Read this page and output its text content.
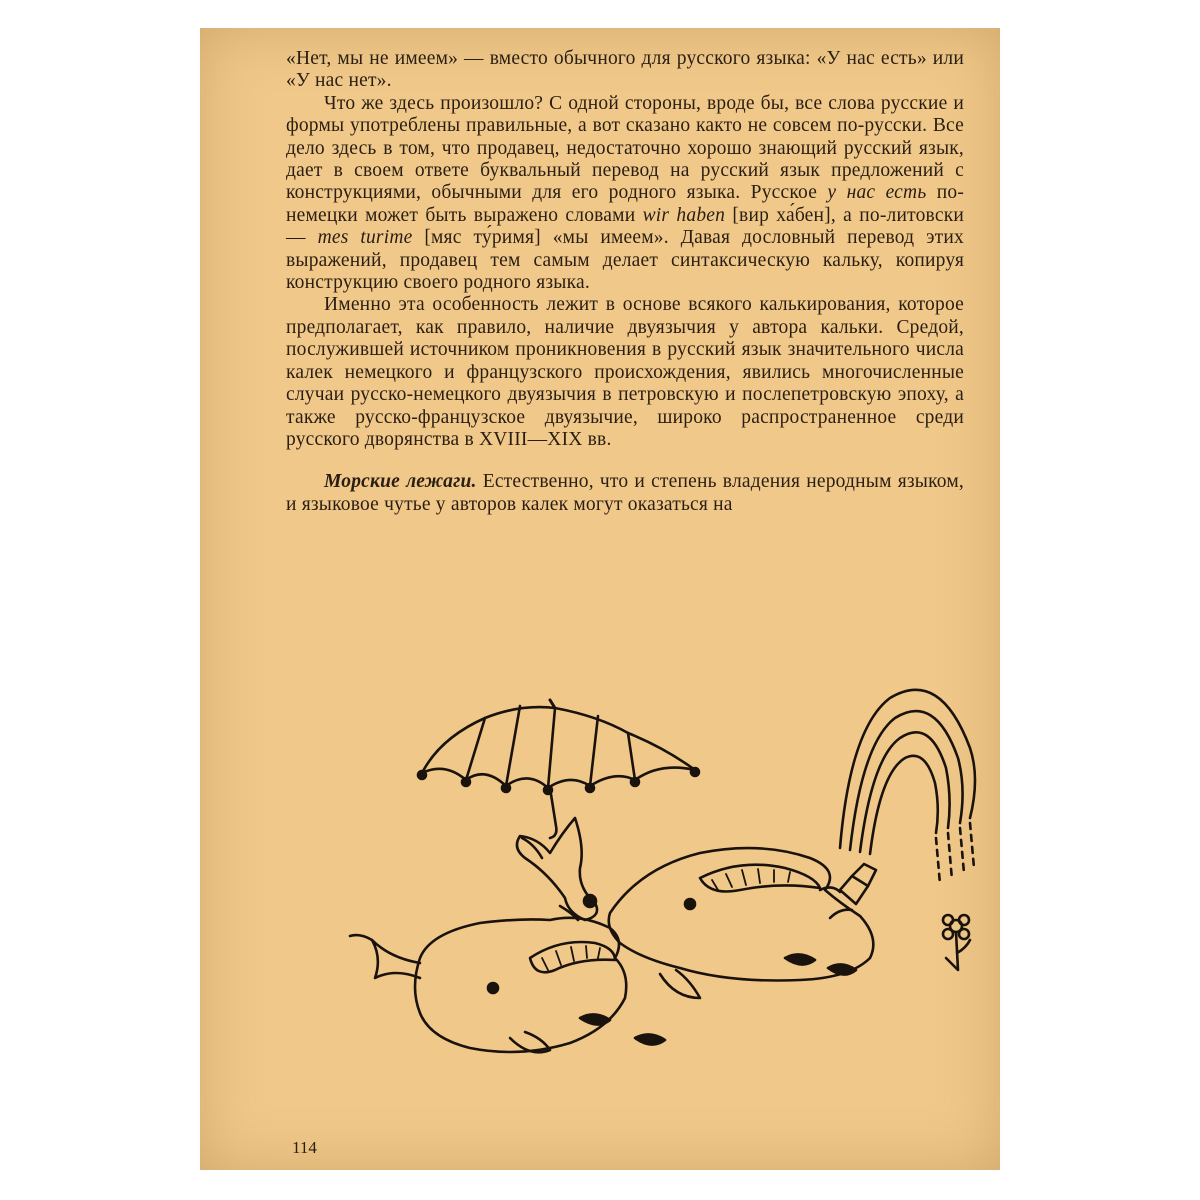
«Нет, мы не имеем» — вместо обычного для русского языка: «У нас есть» или «У нас нет».

Что же здесь произошло? С одной стороны, вроде бы, все слова русские и формы употреблены правильные, а вот сказано както не совсем по-русски. Все дело здесь в том, что продавец, недостаточно хорошо знающий русский язык, дает в своем ответе буквальный перевод на русский язык предложений с конструкциями, обычными для его родного языка. Русское у нас есть по-немецки может быть выражено словами wir haben [вир ха́бен], а по-литовски — mes turime [мяс ту́римя] «мы имеем». Давая дословный перевод этих выражений, продавец тем самым делает синтаксическую кальку, копируя конструкцию своего родного языка.

Именно эта особенность лежит в основе всякого калькирования, которое предполагает, как правило, наличие двуязычия у автора кальки. Средой, послужившей источником проникновения в русский язык значительного числа калек немецкого и французского происхождения, явились многочисленные случаи русско-немецкого двуязычия в петровскую и послепетровскую эпоху, а также русско-французское двуязычие, широко распространенное среди русского дворянства в XVIII—XIX вв.

Морские лежаги. Естественно, что и степень владения неродным языком, и языковое чутье у авторов калек могут оказаться на

114
